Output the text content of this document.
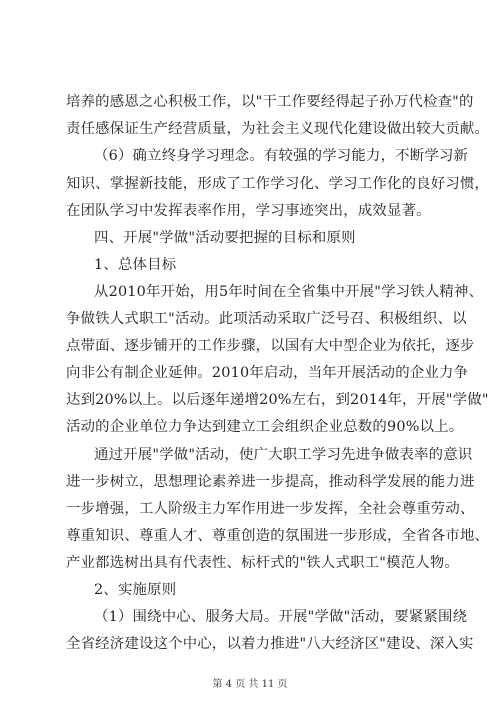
培养的感恩之心积极工作，以"干工作要经得起子孙万代检查"的
责任感保证生产经营质量，为社会主义现代化建设做出较大贡献。
（6）确立终身学习理念。有较强的学习能力，不断学习新
知识、掌握新技能，形成了工作学习化、学习工作化的良好习惯，
在团队学习中发挥表率作用，学习事迹突出，成效显著。
四、开展"学做"活动要把握的目标和原则
1、总体目标
从2010年开始，用5年时间在全省集中开展"学习铁人精神、
争做铁人式职工"活动。此项活动采取广泛号召、积极组织、以
点带面、逐步铺开的工作步骤，以国有大中型企业为依托，逐步
向非公有制企业延伸。2010年启动，当年开展活动的企业力争
达到20%以上。以后逐年递增20%左右，到2014年，开展"学做"
活动的企业单位力争达到建立工会组织企业总数的90%以上。
通过开展"学做"活动，使广大职工学习先进争做表率的意识
进一步树立，思想理论素养进一步提高，推动科学发展的能力进
一步增强，工人阶级主力军作用进一步发挥，全社会尊重劳动、
尊重知识、尊重人才、尊重创造的氛围进一步形成，全省各市地、
产业都选树出具有代表性、标杆式的"铁人式职工"模范人物。
2、实施原则
（1）围绕中心、服务大局。开展"学做"活动，要紧紧围绕
全省经济建设这个中心，以着力推进"八大经济区"建设、深入实
第 4 页 共 11 页
